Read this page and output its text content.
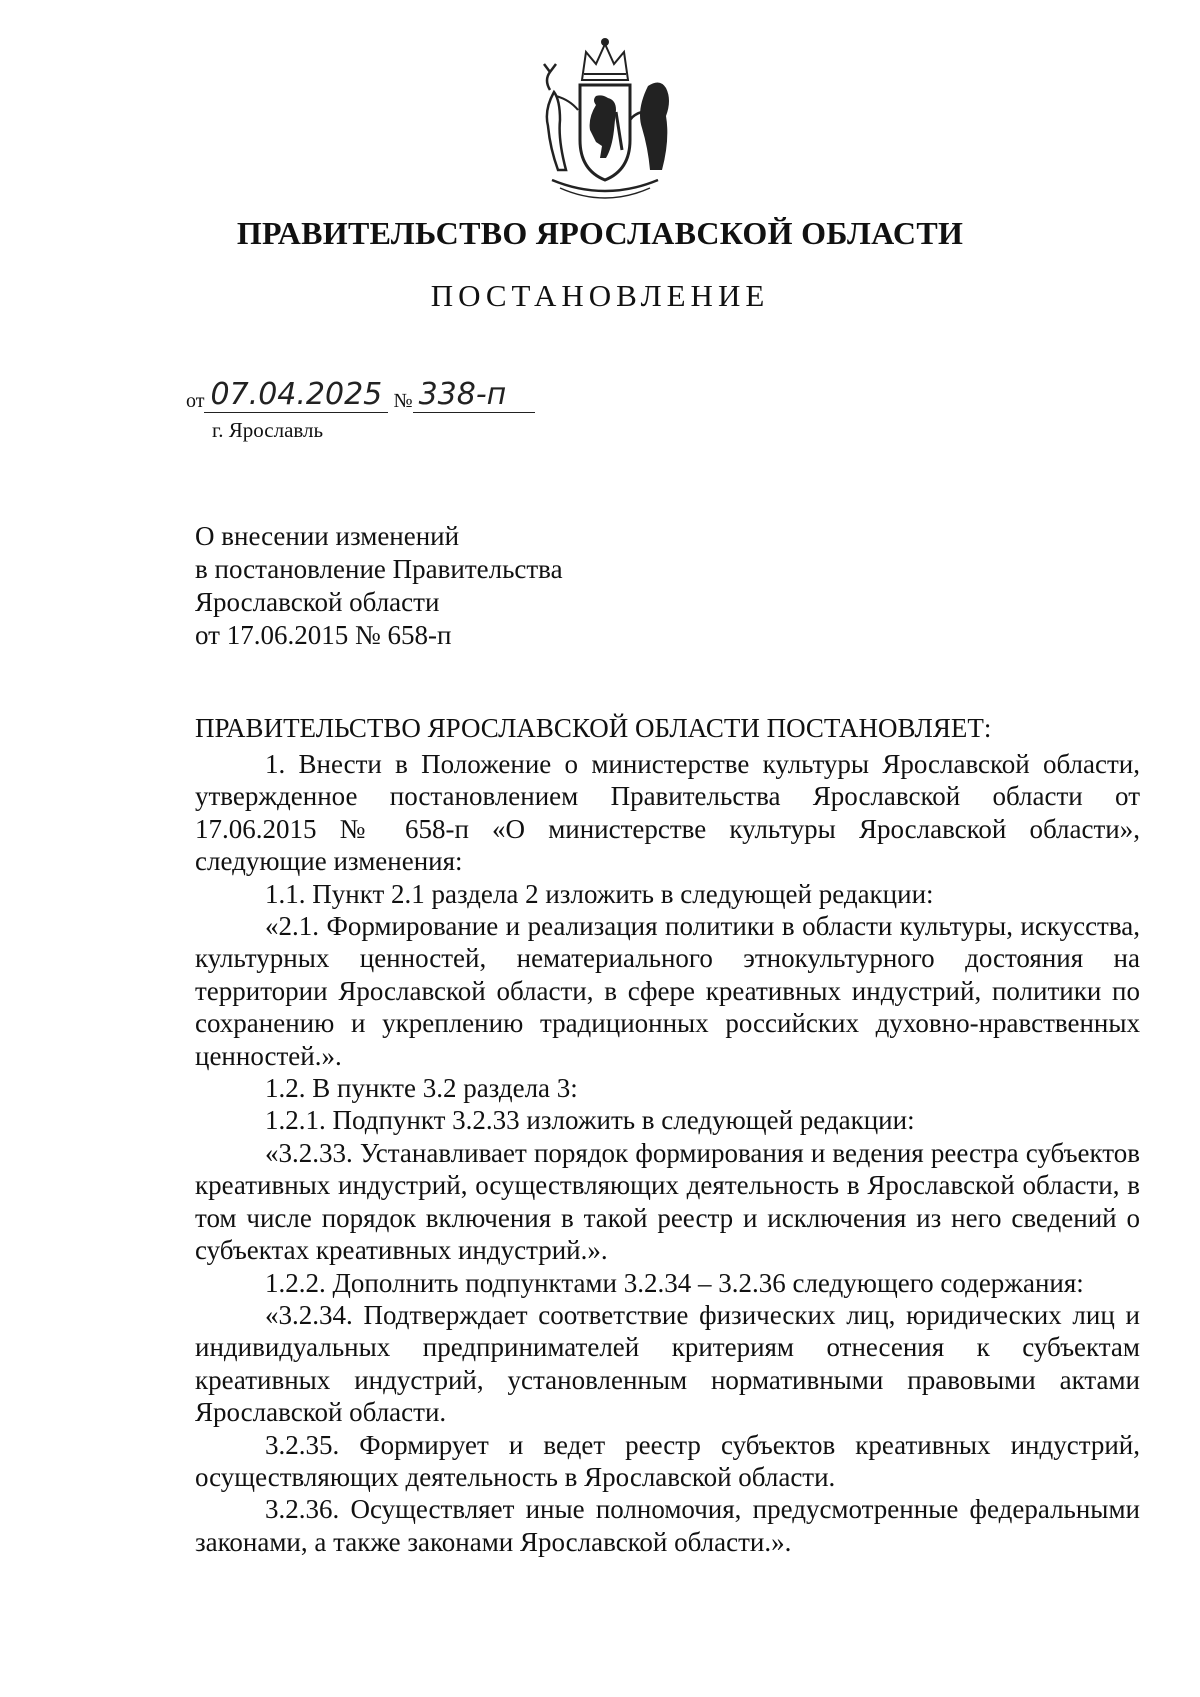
ПРАВИТЕЛЬСТВО ЯРОСЛАВСКОЙ ОБЛАСТИ
ПОСТАНОВЛЕНИЕ
от 07.04.2025 № 338-п
г. Ярославль
О внесении изменений
в постановление Правительства
Ярославской области
от 17.06.2015 № 658-п
ПРАВИТЕЛЬСТВО ЯРОСЛАВСКОЙ ОБЛАСТИ ПОСТАНОВЛЯЕТ:

1. Внести в Положение о министерстве культуры Ярославской области, утвержденное постановлением Правительства Ярославской области от 17.06.2015 № 658-п «О министерстве культуры Ярославской области», следующие изменения:

1.1. Пункт 2.1 раздела 2 изложить в следующей редакции:

«2.1. Формирование и реализация политики в области культуры, искусства, культурных ценностей, нематериального этнокультурного достояния на территории Ярославской области, в сфере креативных индустрий, политики по сохранению и укреплению традиционных российских духовно-нравственных ценностей.».

1.2. В пункте 3.2 раздела 3:

1.2.1. Подпункт 3.2.33 изложить в следующей редакции:

«3.2.33. Устанавливает порядок формирования и ведения реестра субъектов креативных индустрий, осуществляющих деятельность в Ярославской области, в том числе порядок включения в такой реестр и исключения из него сведений о субъектах креативных индустрий.».

1.2.2. Дополнить подпунктами 3.2.34 – 3.2.36 следующего содержания:

«3.2.34. Подтверждает соответствие физических лиц, юридических лиц и индивидуальных предпринимателей критериям отнесения к субъектам креативных индустрий, установленным нормативными правовыми актами Ярославской области.

3.2.35. Формирует и ведет реестр субъектов креативных индустрий, осуществляющих деятельность в Ярославской области.

3.2.36. Осуществляет иные полномочия, предусмотренные федеральными законами, а также законами Ярославской области.».
